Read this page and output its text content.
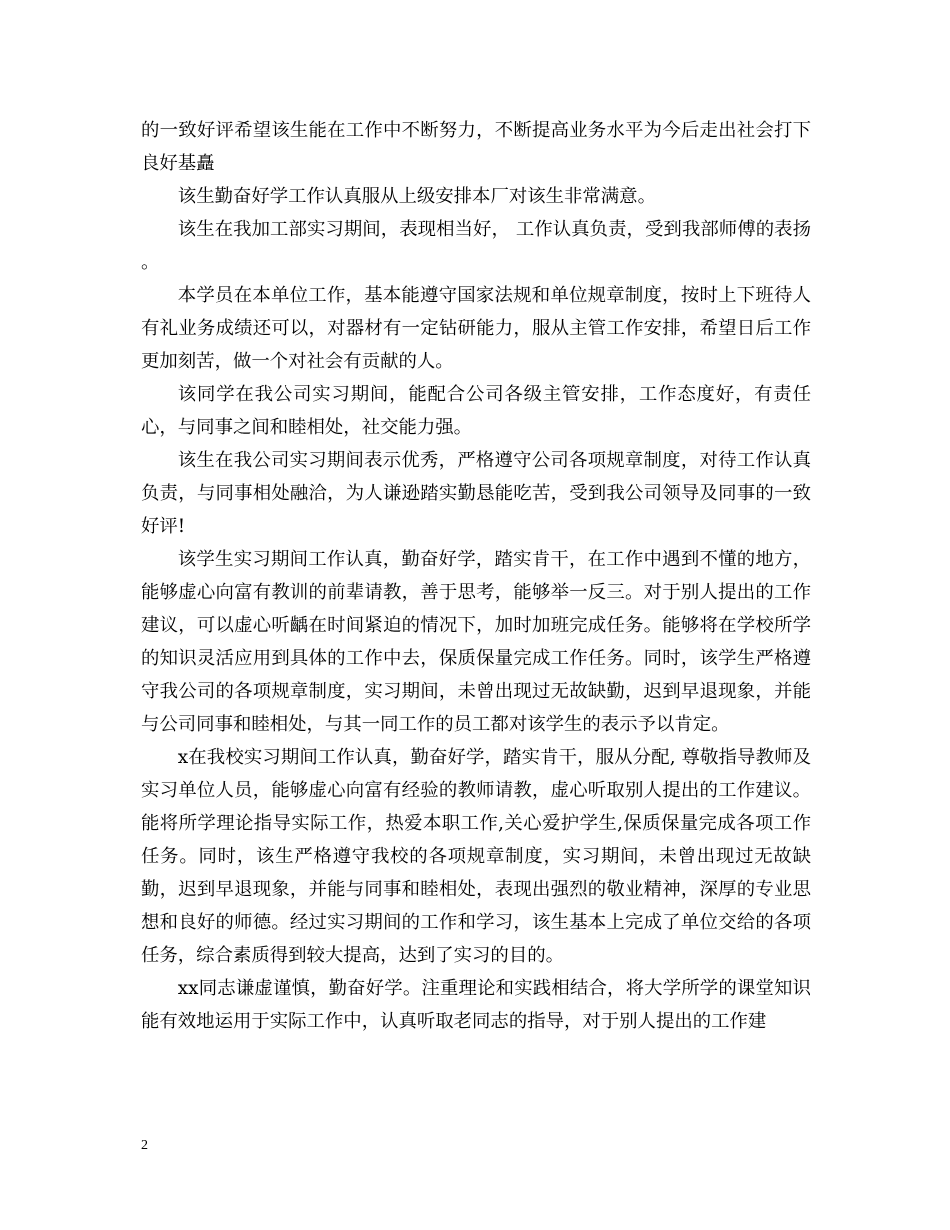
的一致好评希望该生能在工作中不断努力，不断提高业务水平为今后走出社会打下良好基矗

该生勤奋好学工作认真服从上级安排本厂对该生非常满意。

该生在我加工部实习期间，表现相当好， 工作认真负责，受到我部师傅的表扬 。

本学员在本单位工作，基本能遵守国家法规和单位规章制度，按时上下班待人有礼业务成绩还可以，对器材有一定钻研能力，服从主管工作安排，希望日后工作更加刻苦，做一个对社会有贡献的人。

该同学在我公司实习期间，能配合公司各级主管安排，工作态度好，有责任心，与同事之间和睦相处，社交能力强。

该生在我公司实习期间表示优秀，严格遵守公司各项规章制度，对待工作认真负责，与同事相处融洽，为人谦逊踏实勤恳能吃苦，受到我公司领导及同事的一致好评!

该学生实习期间工作认真，勤奋好学，踏实肯干，在工作中遇到不懂的地方，能够虚心向富有教训的前辈请教，善于思考，能够举一反三。对于别人提出的工作建议，可以虚心听齲在时间紧迫的情况下，加时加班完成任务。能够将在学校所学的知识灵活应用到具体的工作中去，保质保量完成工作任务。同时，该学生严格遵守我公司的各项规章制度，实习期间，未曾出现过无故缺勤，迟到早退现象，并能与公司同事和睦相处，与其一同工作的员工都对该学生的表示予以肯定。

x在我校实习期间工作认真，勤奋好学，踏实肯干，服从分配, 尊敬指导教师及实习单位人员，能够虚心向富有经验的教师请教，虚心听取别人提出的工作建议。能将所学理论指导实际工作，热爱本职工作,关心爱护学生,保质保量完成各项工作任务。同时，该生严格遵守我校的各项规章制度，实习期间，未曾出现过无故缺勤，迟到早退现象，并能与同事和睦相处，表现出强烈的敬业精神，深厚的专业思想和良好的师德。经过实习期间的工作和学习，该生基本上完成了单位交给的各项任务，综合素质得到较大提高，达到了实习的目的。

xx同志谦虚谨慎，勤奋好学。注重理论和实践相结合，将大学所学的课堂知识能有效地运用于实际工作中，认真听取老同志的指导，对于别人提出的工作建

2
